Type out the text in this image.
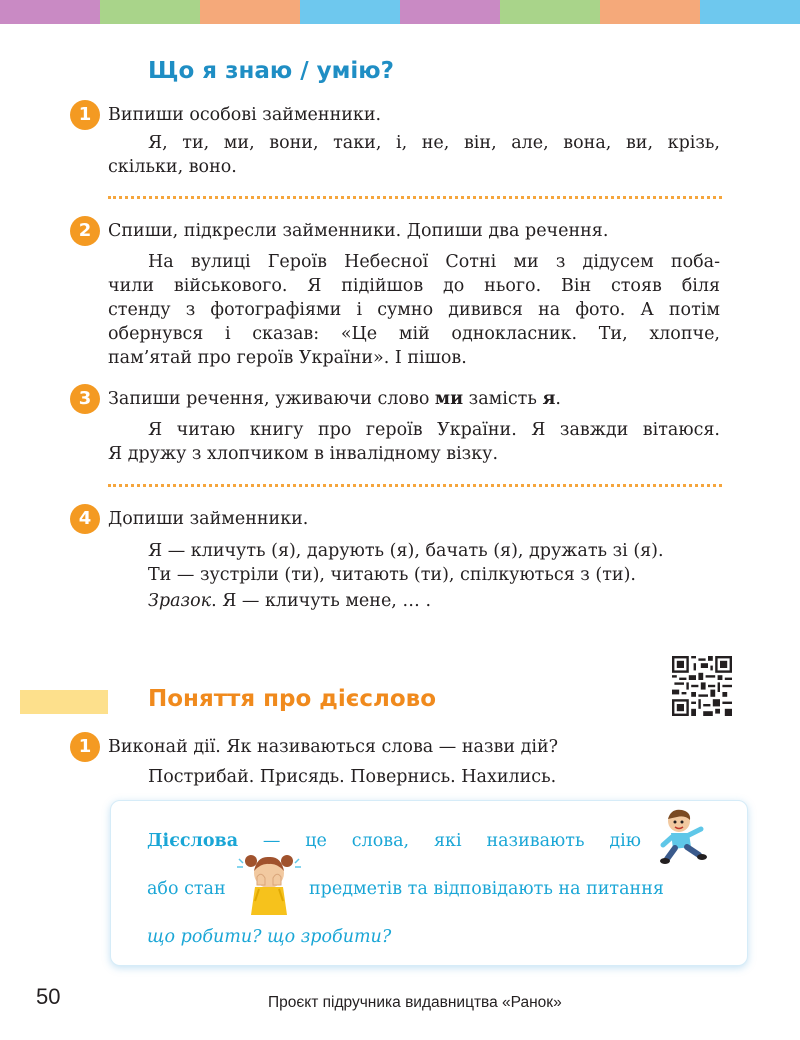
Що я знаю / умію?
1 Випиши особові займенники.
Я, ти, ми, вони, таки, і, не, він, але, вона, ви, крізь,
скільки, воно.
2 Спиши, підкресли займенники. Допиши два речення.
На вулиці Героїв Небесної Сотні ми з дідусем поба-
чили військового. Я підійшов до нього. Він стояв біля
стенду з фотографіями і сумно дивився на фото. А потім
обернувся і сказав: «Це мій однокласник. Ти, хлопче,
пам’ятай про героїв України». І пішов.
3 Запиши речення, уживаючи слово ми замість я.
Я читаю книгу про героїв України. Я завжди вітаюся.
Я дружу з хлопчиком в інвалідному візку.
4 Допиши займенники.
Я — кличуть (я), дарують (я), бачать (я), дружать зі (я).
Ти — зустріли (ти), читають (ти), спілкуються з (ти).
Зразок. Я — кличуть мене, … .
Поняття про дієслово
1 Виконай дії. Як називаються слова — назви дій?
Пострибай. Присядь. Повернись. Нахились.
Дієслова — це слова, які називають дію
або стан	предметів та відповідають на питання
що робити? що зробити?
50	Проєкт підручника видавництва «Ранок»
